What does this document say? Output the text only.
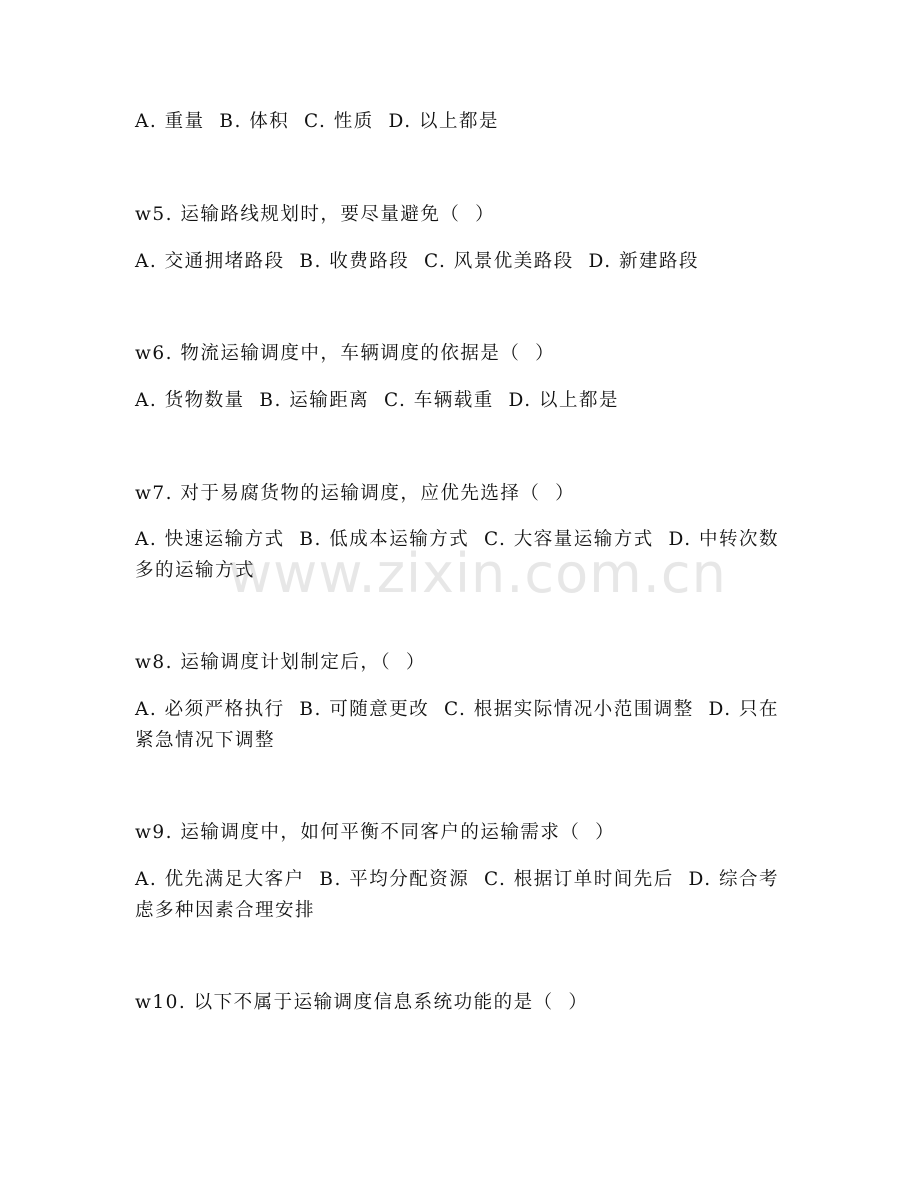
A. 重量  B. 体积  C. 性质  D. 以上都是
w5. 运输路线规划时，要尽量避免（  ）
A. 交通拥堵路段  B. 收费路段  C. 风景优美路段  D. 新建路段
w6. 物流运输调度中，车辆调度的依据是（  ）
A. 货物数量  B. 运输距离  C. 车辆载重  D. 以上都是
w7. 对于易腐货物的运输调度，应优先选择（  ）
A. 快速运输方式  B. 低成本运输方式  C. 大容量运输方式  D. 中转次数多的运输方式
w8. 运输调度计划制定后，（  ）
A. 必须严格执行  B. 可随意更改  C. 根据实际情况小范围调整  D. 只在紧急情况下调整
w9. 运输调度中，如何平衡不同客户的运输需求（  ）
A. 优先满足大客户  B. 平均分配资源  C. 根据订单时间先后  D. 综合考虑多种因素合理安排
w10. 以下不属于运输调度信息系统功能的是（  ）
www.zixin.com.cn
